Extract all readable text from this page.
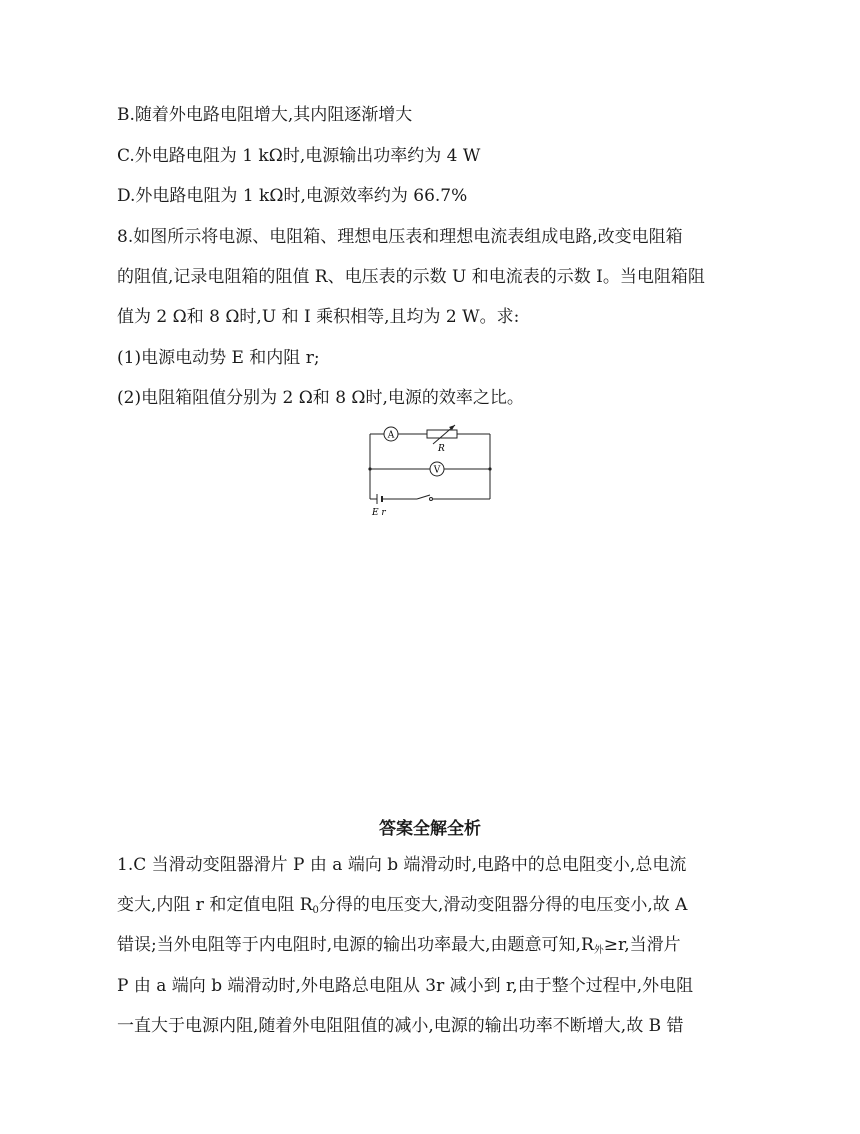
B.随着外电路电阻增大,其内阻逐渐增大
C.外电路电阻为 1 kΩ时,电源输出功率约为 4 W
D.外电路电阻为 1 kΩ时,电源效率约为 66.7%
8.如图所示将电源、电阻箱、理想电压表和理想电流表组成电路,改变电阻箱
的阻值,记录电阻箱的阻值 R、电压表的示数 U 和电流表的示数 I。当电阻箱阻
值为 2 Ω和 8 Ω时,U 和 I 乘积相等,且均为 2 W。求:
(1)电源电动势 E 和内阻 r;
(2)电阻箱阻值分别为 2 Ω和 8 Ω时,电源的效率之比。
A
V
R
E r
答案全解全析
1.C 当滑动变阻器滑片 P 由 a 端向 b 端滑动时,电路中的总电阻变小,总电流
变大,内阻 r 和定值电阻 $R_0$分得的电压变大,滑动变阻器分得的电压变小,故 A
错误;当外电阻等于内电阻时,电源的输出功率最大,由题意可知$,R_外\ge r$,当滑片
P 由 a 端向 b 端滑动时,外电路总电阻从 3r 减小到 r,由于整个过程中,外电阻
一直大于电源内阻,随着外电阻阻值的减小,电源的输出功率不断增大,故 B 错
